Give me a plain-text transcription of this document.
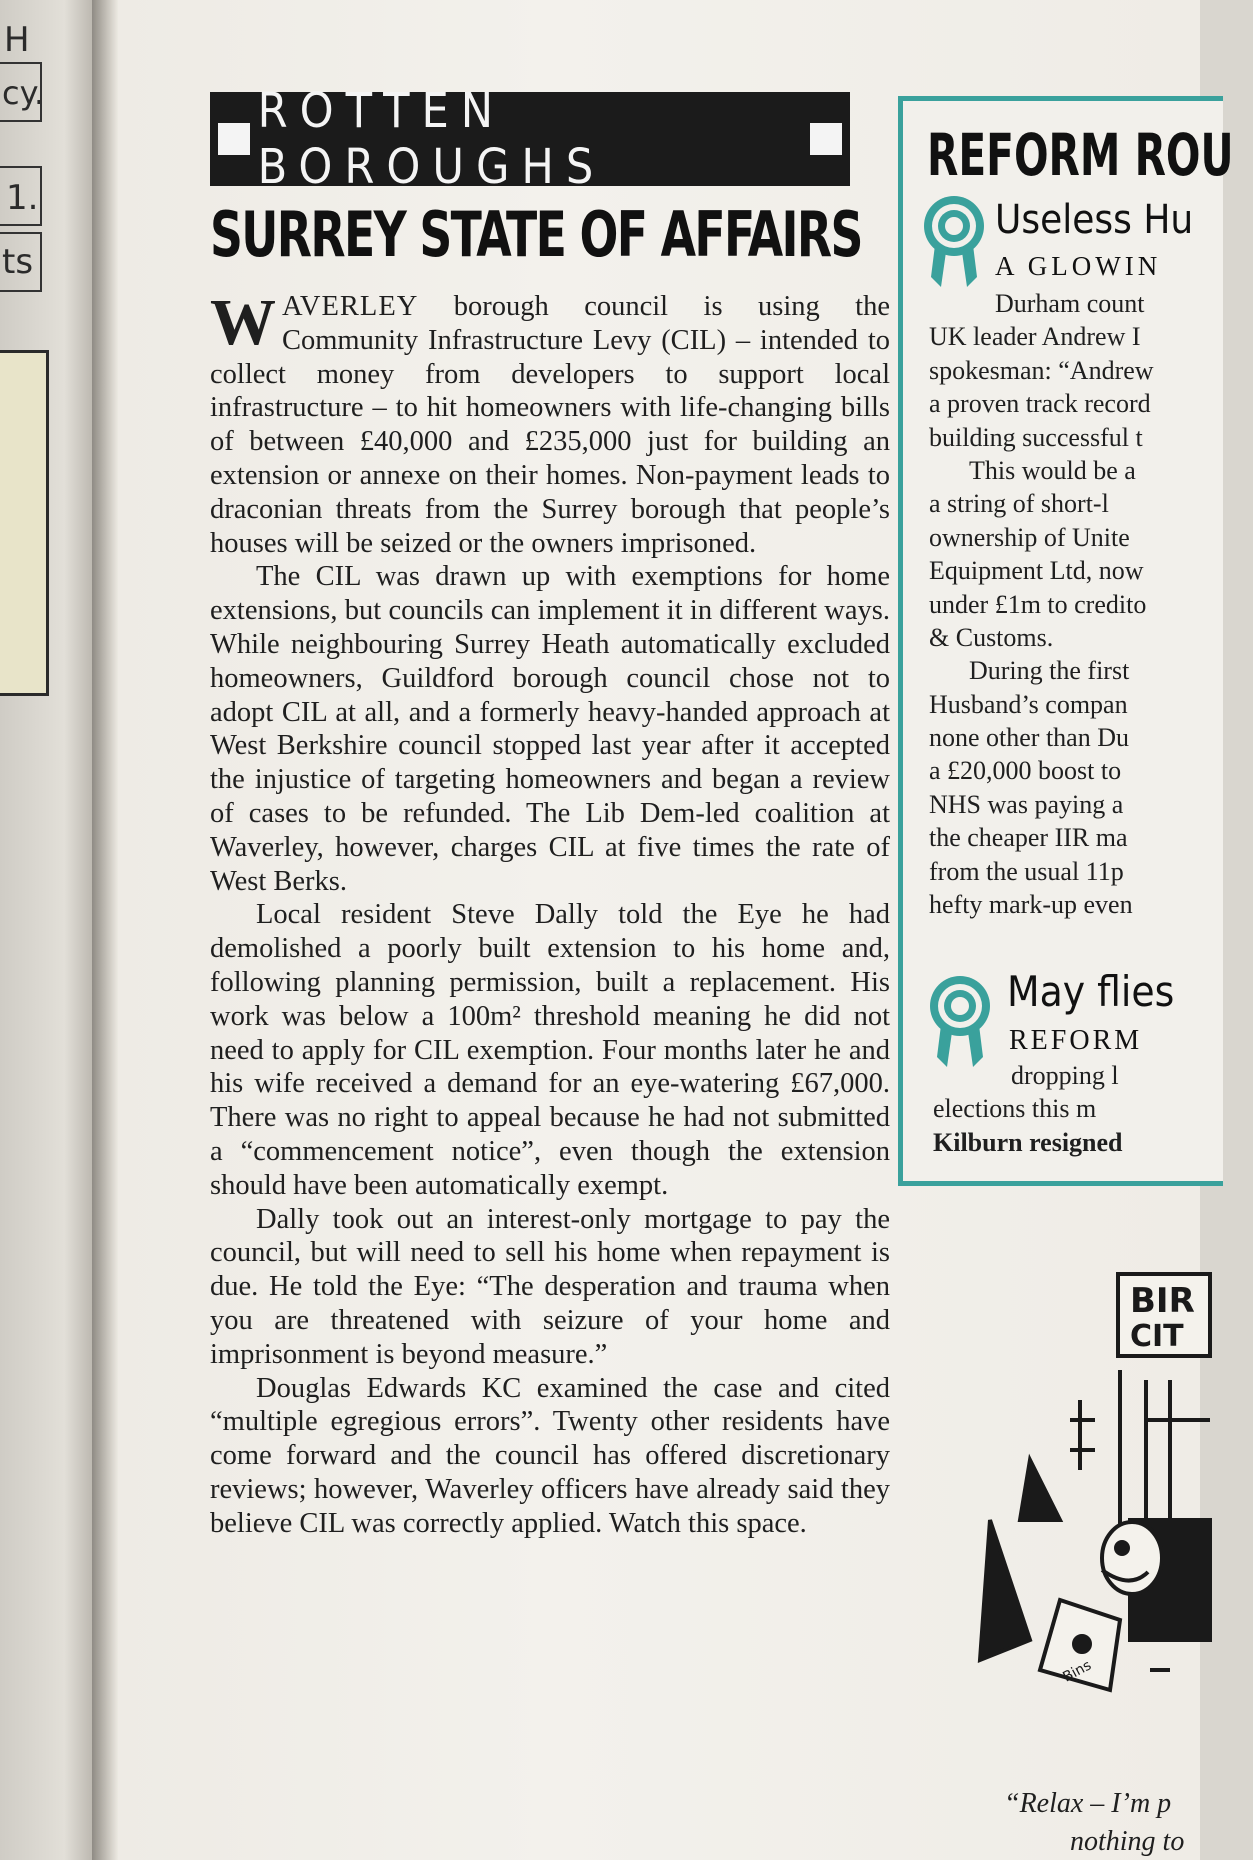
H
cy.
1.
ts
ROTTEN BOROUGHS
SURREY STATE OF AFFAIRS

WAVERLEY borough council is using the Community Infrastructure Levy (CIL) – intended to collect money from developers to support local infrastructure – to hit homeowners with life-changing bills of between £40,000 and £235,000 just for building an extension or annexe on their homes. Non-payment leads to draconian threats from the Surrey borough that people’s houses will be seized or the owners imprisoned.

The CIL was drawn up with exemptions for home extensions, but councils can implement it in different ways. While neighbouring Surrey Heath automatically excluded homeowners, Guildford borough council chose not to adopt CIL at all, and a formerly heavy-handed approach at West Berkshire council stopped last year after it accepted the injustice of targeting homeowners and began a review of cases to be refunded. The Lib Dem-led coalition at Waverley, however, charges CIL at five times the rate of West Berks.

Local resident Steve Dally told the Eye he had demolished a poorly built extension to his home and, following planning permission, built a replacement. His work was below a 100m² threshold meaning he did not need to apply for CIL exemption. Four months later he and his wife received a demand for an eye-watering £67,000. There was no right to appeal because he had not submitted a “commencement notice”, even though the extension should have been automatically exempt.

Dally took out an interest-only mortgage to pay the council, but will need to sell his home when repayment is due. He told the Eye: “The desperation and trauma when you are threatened with seizure of your home and imprisonment is beyond measure.”

Douglas Edwards KC examined the case and cited “multiple egregious errors”. Twenty other residents have come forward and the council has offered discretionary reviews; however, Waverley officers have already said they believe CIL was correctly applied. Watch this space.

REFORM ROU
Useless Hu
A GLOWIN
Durham count
UK leader Andrew I
spokesman: “Andrew
a proven track record
building successful t
This would be a
a string of short-l
ownership of Unite
Equipment Ltd, now
under £1m to credito
& Customs.
During the first
Husband’s compan
none other than Du
a £20,000 boost to
NHS was paying a
the cheaper IIR ma
from the usual 11p
hefty mark-up even
May flies
REFORM
dropping l
elections this m
Kilburn resigned
BIR
CIT
Bins
“Relax – I’m p
nothing to
